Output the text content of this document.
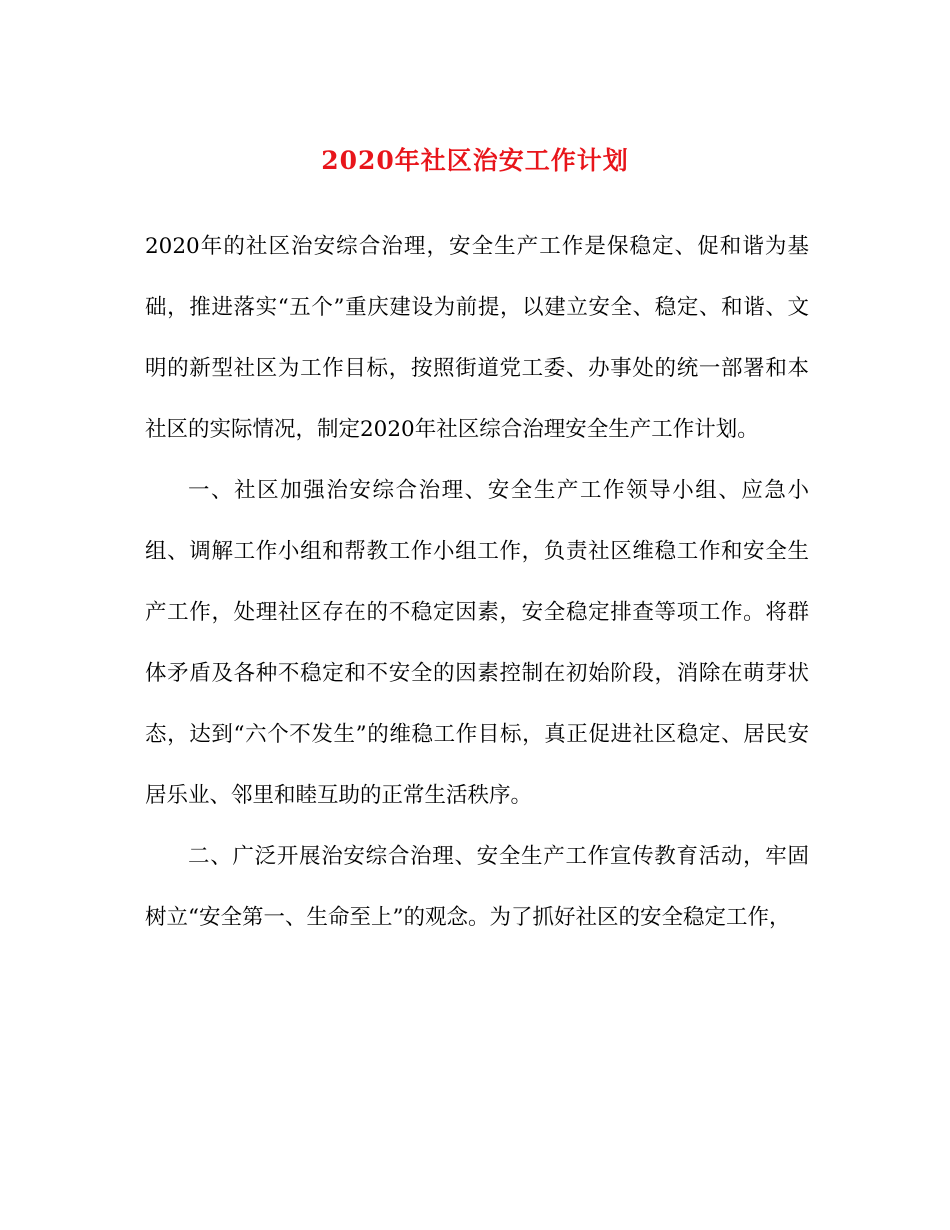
2020年社区治安工作计划

2020年的社区治安综合治理，安全生产工作是保稳定、促和谐为基础，推进落实“五个”重庆建设为前提，以建立安全、稳定、和谐、文明的新型社区为工作目标，按照街道党工委、办事处的统一部署和本社区的实际情况，制定2020年社区综合治理安全生产工作计划。

一、社区加强治安综合治理、安全生产工作领导小组、应急小组、调解工作小组和帮教工作小组工作，负责社区维稳工作和安全生产工作，处理社区存在的不稳定因素，安全稳定排查等项工作。将群体矛盾及各种不稳定和不安全的因素控制在初始阶段，消除在萌芽状态，达到“六个不发生”的维稳工作目标，真正促进社区稳定、居民安居乐业、邻里和睦互助的正常生活秩序。

二、广泛开展治安综合治理、安全生产工作宣传教育活动，牢固树立“安全第一、生命至上”的观念。为了抓好社区的安全稳定工作，
